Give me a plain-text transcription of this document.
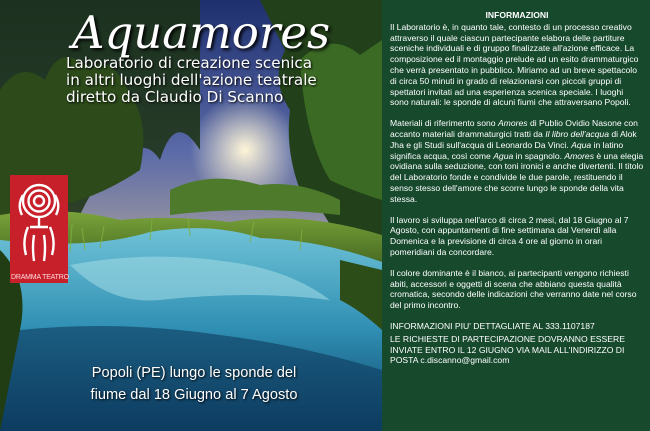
Aquamores
Laboratorio di creazione scenica
in altri luoghi dell'azione teatrale
diretto da Claudio Di Scanno
DRAMMA TEATRO
Popoli (PE) lungo le sponde del
fiume dal 18 Giugno al 7 Agosto
INFORMAZIONI

Il Laboratorio è, in quanto tale, contesto di un processo creativo attraverso il quale ciascun partecipante elabora delle partiture sceniche individuali e di gruppo finalizzate all'azione efficace. La composizione ed il montaggio prelude ad un esito drammaturgico che verrà presentato in pubblico. Miriamo ad un breve spettacolo di circa 50 minuti in grado di relazionarsi con piccoli gruppi di spettatori invitati ad una esperienza scenica speciale. I luoghi sono naturali: le sponde di alcuni fiumi che attraversano Popoli.

Materiali di riferimento sono Amores di Publio Ovidio Nasone con accanto materiali drammaturgici tratti da Il libro dell'acqua di Alok Jha e gli Studi sull'acqua di Leonardo Da Vinci. Aqua in latino significa acqua, così come Agua in spagnolo. Amores è una elegia ovidiana sulla seduzione, con toni ironici e anche divertenti. Il titolo del Laboratorio fonde e condivide le due parole, restituendo il senso stesso dell'amore che scorre lungo le sponde della vita stessa.

Il lavoro si sviluppa nell'arco di circa 2 mesi, dal 18 Giugno al 7 Agosto, con appuntamenti di fine settimana dal Venerdì alla Domenica e la previsione di circa 4 ore al giorno in orari pomeridiani da concordare.

Il colore dominante è il bianco, ai partecipanti vengono richiesti abiti, accessori e oggetti di scena che abbiano questa qualità cromatica, secondo delle indicazioni che verranno date nel corso del primo incontro.

INFORMAZIONI PIU' DETTAGLIATE AL 333.1107187
LE RICHIESTE DI PARTECIPAZIONE DOVRANNO ESSERE INVIATE ENTRO IL 12 GIUGNO VIA MAIL ALL'INDIRIZZO DI POSTA c.discanno@gmail.com
